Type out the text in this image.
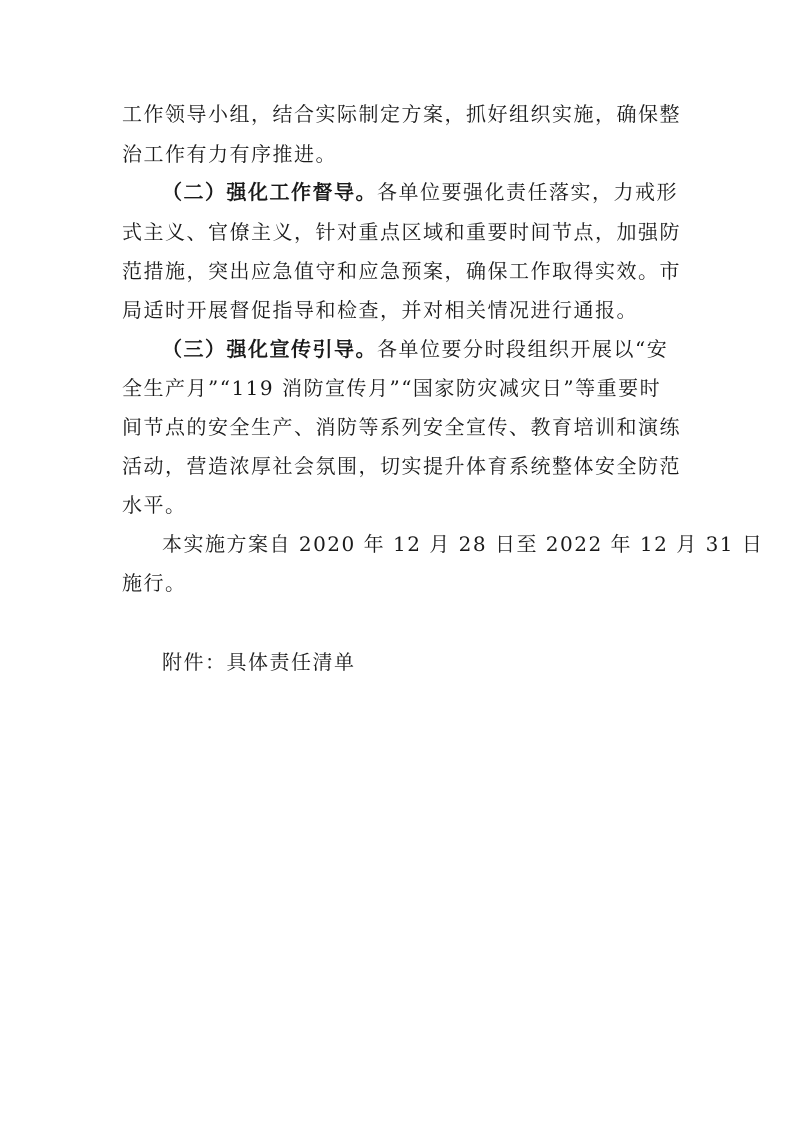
工作领导小组，结合实际制定方案，抓好组织实施，确保整
治工作有力有序推进。
（二）强化工作督导。各单位要强化责任落实，力戒形
式主义、官僚主义，针对重点区域和重要时间节点，加强防
范措施，突出应急值守和应急预案，确保工作取得实效。市
局适时开展督促指导和检查，并对相关情况进行通报。
（三）强化宣传引导。各单位要分时段组织开展以“安
全生产月”“119 消防宣传月”“国家防灾减灾日”等重要时
间节点的安全生产、消防等系列安全宣传、教育培训和演练
活动，营造浓厚社会氛围，切实提升体育系统整体安全防范
水平。
本实施方案自 2020 年 12 月 28 日至 2022 年 12 月 31 日
施行。
附件：具体责任清单
